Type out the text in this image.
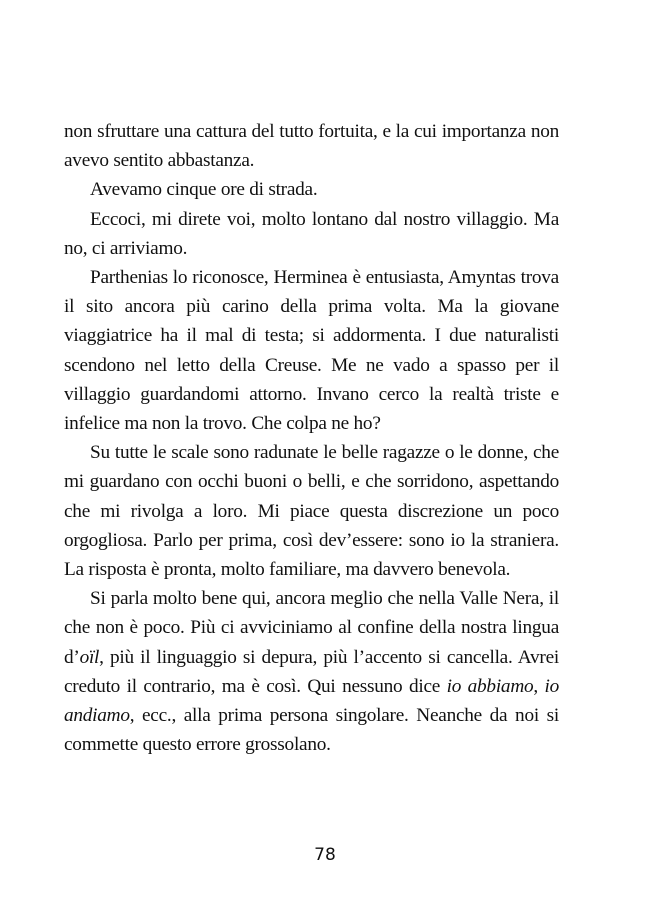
non sfruttare una cattura del tutto fortuita, e la cui importanza non avevo sentito abbastanza.

Avevamo cinque ore di strada.

Eccoci, mi direte voi, molto lontano dal nostro villaggio. Ma no, ci arriviamo.

Parthenias lo riconosce, Herminea è entusiasta, Amyntas trova il sito ancora più carino della prima volta. Ma la giovane viaggiatrice ha il mal di testa; si addormenta. I due naturalisti scendono nel letto della Creuse. Me ne vado a spasso per il villaggio guardandomi attorno. Invano cerco la realtà triste e infelice ma non la trovo. Che colpa ne ho?

Su tutte le scale sono radunate le belle ragazze o le donne, che mi guardano con occhi buoni o belli, e che sorridono, aspettando che mi rivolga a loro. Mi piace questa discrezione un poco orgogliosa. Parlo per prima, così dev’essere: sono io la straniera. La risposta è pronta, molto familiare, ma davvero benevola.

Si parla molto bene qui, ancora meglio che nella Valle Nera, il che non è poco. Più ci avviciniamo al confine della nostra lingua d’oïl, più il linguaggio si depura, più l’accento si cancella. Avrei creduto il contrario, ma è così. Qui nessuno dice io abbiamo, io andiamo, ecc., alla prima persona singolare. Neanche da noi si commette questo errore grossolano.

78
